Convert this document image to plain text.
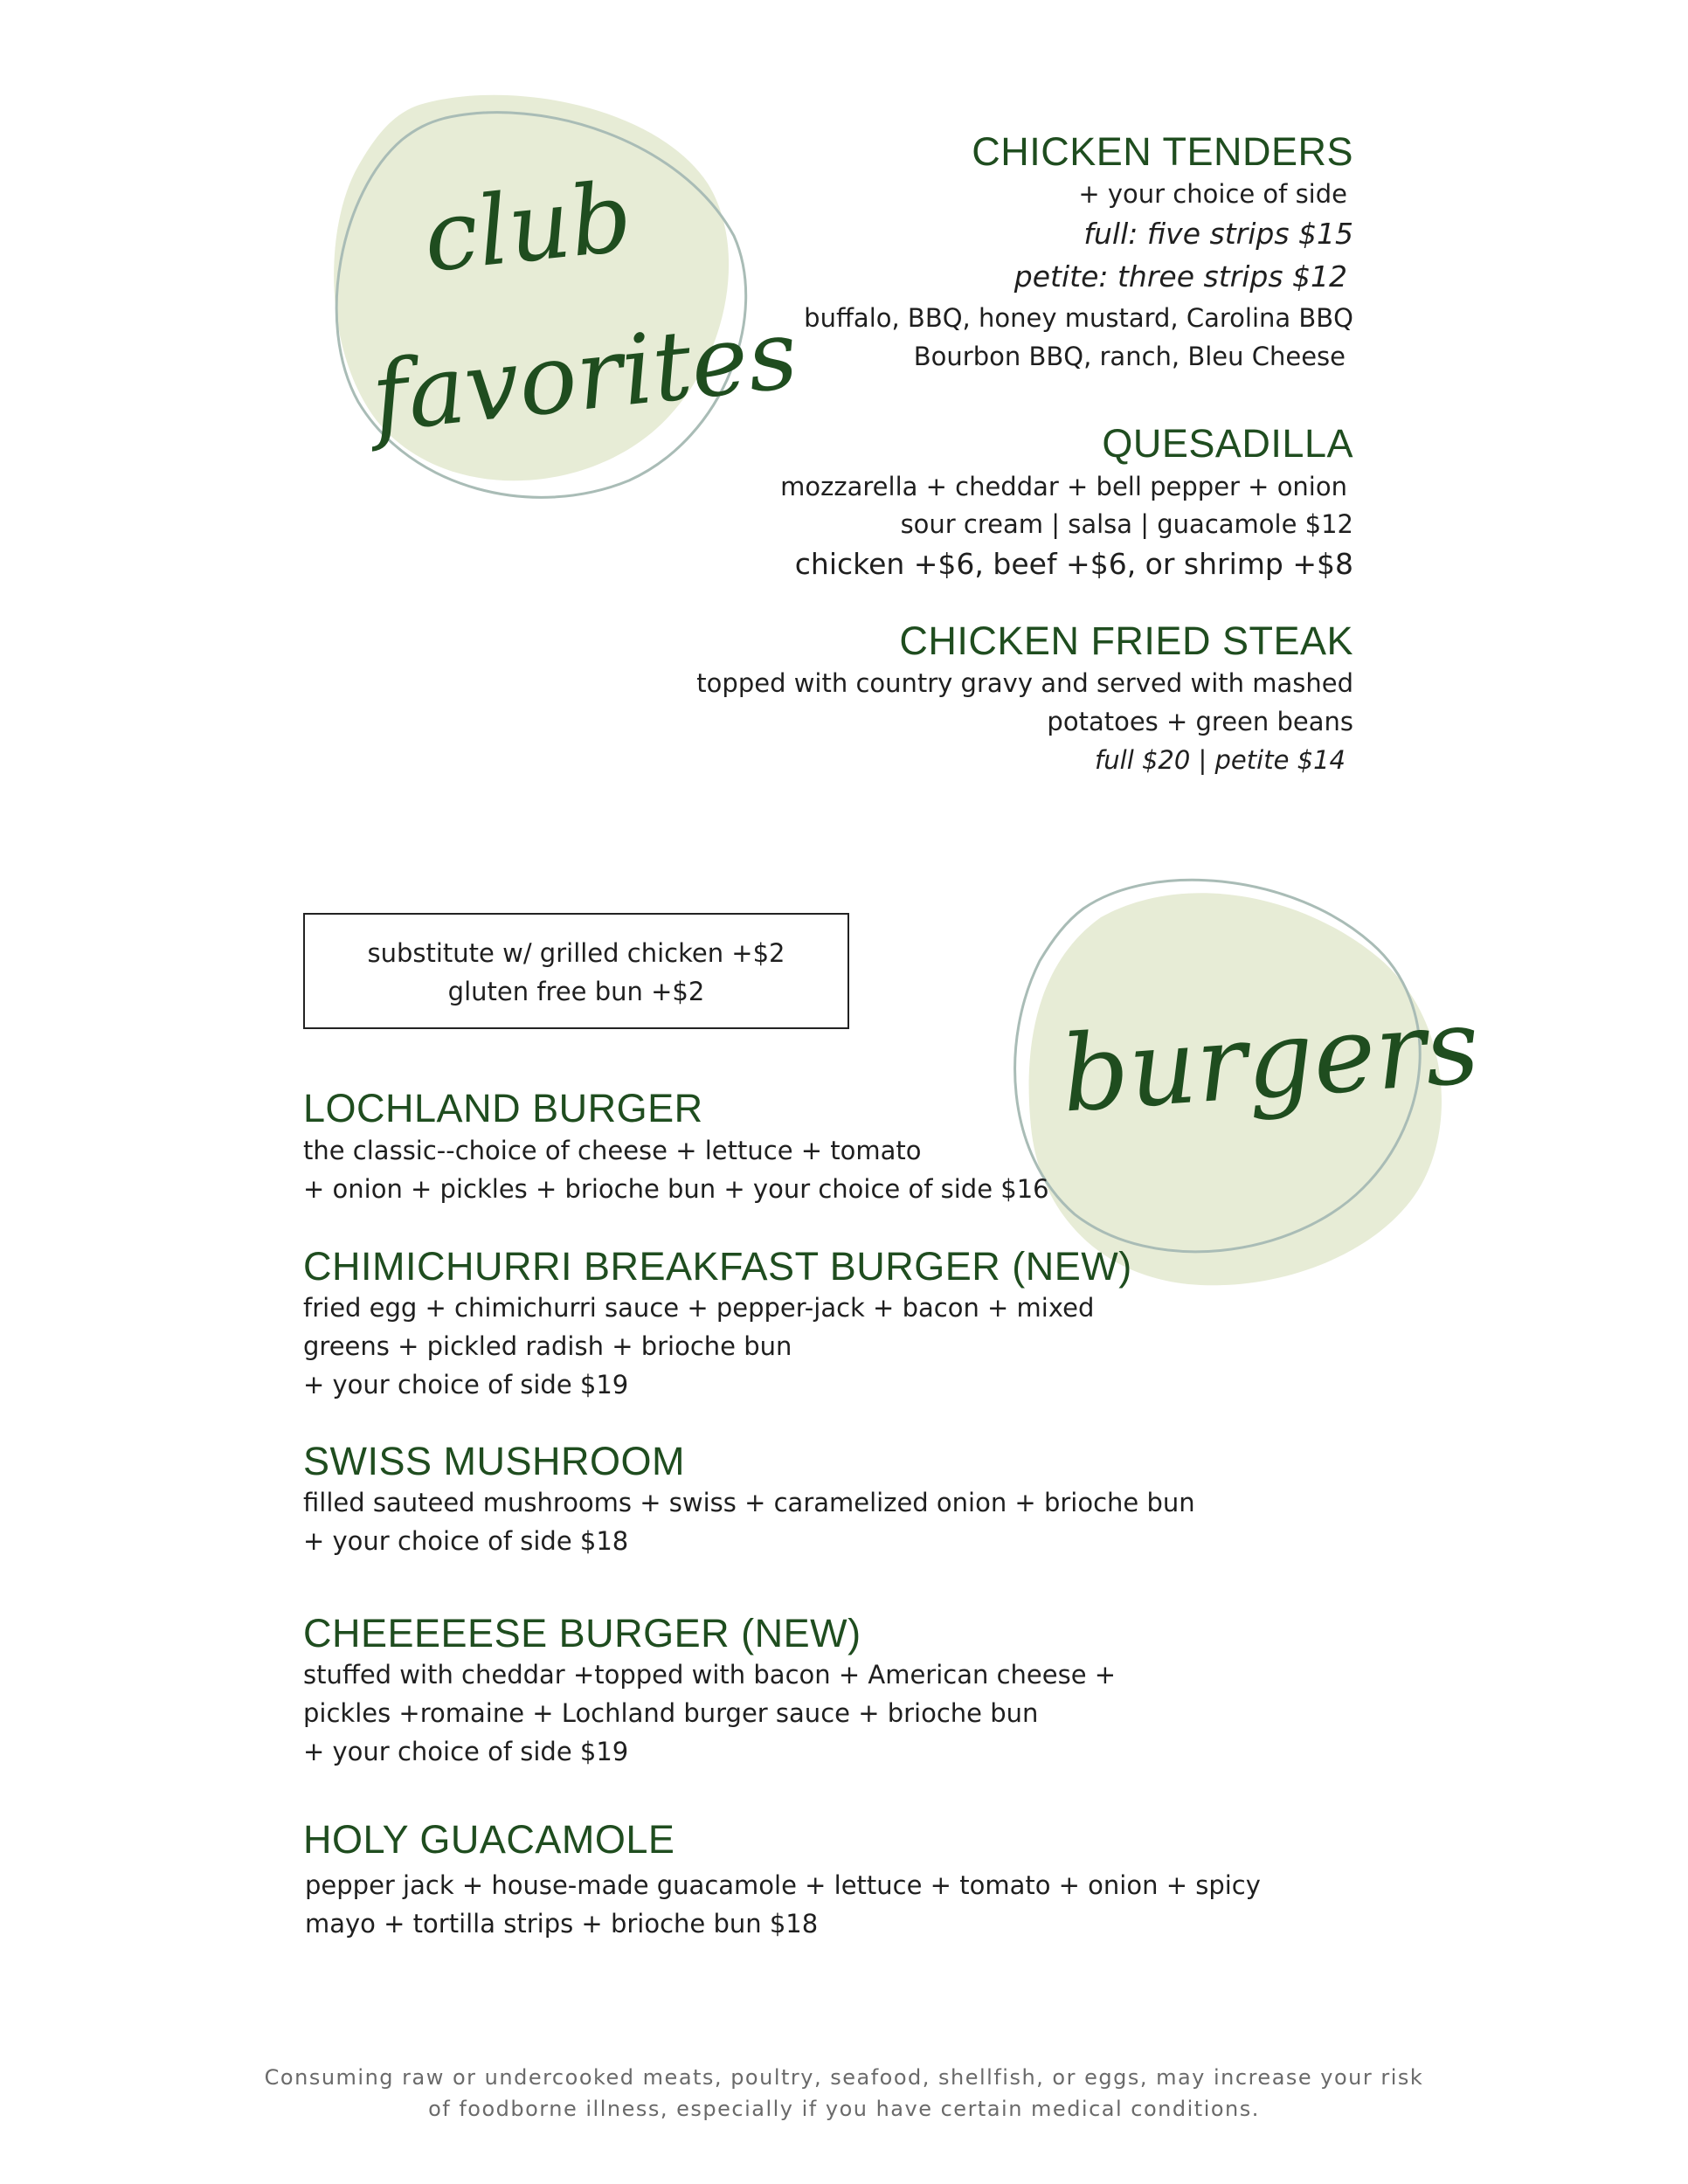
club
favorites
CHICKEN TENDERS
+ your choice of side
full: five strips $15
petite: three strips $12
buffalo, BBQ, honey mustard, Carolina BBQ
Bourbon BBQ, ranch, Bleu Cheese
QUESADILLA
mozzarella + cheddar + bell pepper + onion
sour cream | salsa | guacamole $12
chicken +$6, beef +$6, or shrimp +$8
CHICKEN FRIED STEAK
topped with country gravy and served with mashed
potatoes + green beans
full $20 | petite $14
burgers
substitute w/ grilled chicken +$2
gluten free bun +$2
LOCHLAND BURGER
the classic--choice of cheese + lettuce + tomato
+ onion + pickles + brioche bun + your choice of side $16
CHIMICHURRI BREAKFAST BURGER (NEW)
fried egg + chimichurri sauce + pepper-jack + bacon + mixed
greens + pickled radish + brioche bun
+ your choice of side $19
SWISS MUSHROOM
filled sauteed mushrooms + swiss + caramelized onion + brioche bun
+ your choice of side $18
CHEEEEESE BURGER (NEW)
stuffed with cheddar +topped with bacon + American cheese +
pickles +romaine + Lochland burger sauce + brioche bun
+ your choice of side $19
HOLY GUACAMOLE
pepper jack + house-made guacamole + lettuce + tomato + onion + spicy
mayo + tortilla strips + brioche bun $18
Consuming raw or undercooked meats, poultry, seafood, shellfish, or eggs, may increase your risk
of foodborne illness, especially if you have certain medical conditions.
